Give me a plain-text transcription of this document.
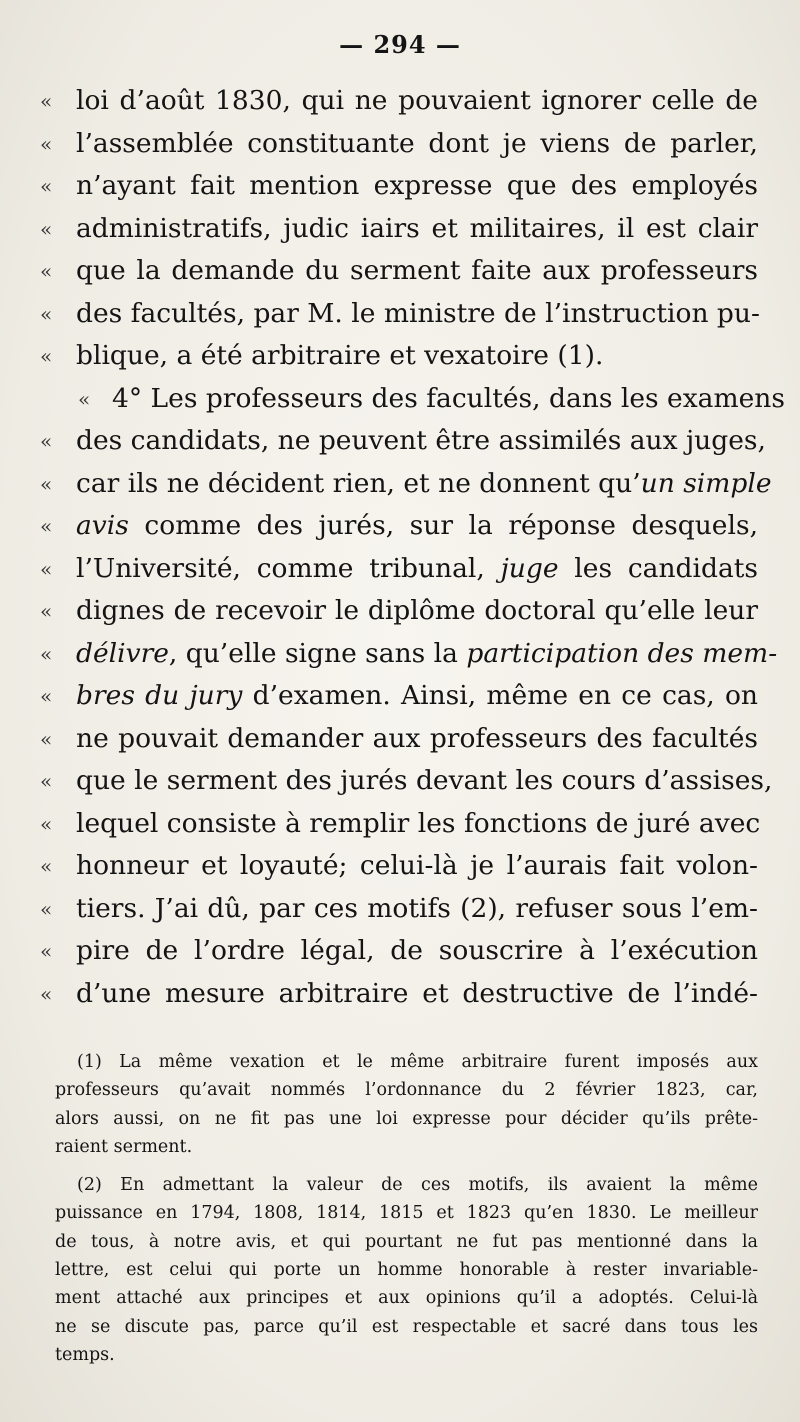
— 294 —
« loi d’août 1830, qui ne pouvaient ignorer celle de
« l’assemblée constituante dont je viens de parler,
« n’ayant fait mention expresse que des employés
« administratifs, judic iairs et militaires, il est clair
« que la demande du serment faite aux professeurs
« des facultés, par M. le ministre de l’instruction pu-
« blique, a été arbitraire et vexatoire (1).
« 4° Les professeurs des facultés, dans les examens
« des candidats, ne peuvent être assimilés aux juges,
« car ils ne décident rien, et ne donnent qu’un simple
« avis comme des jurés, sur la réponse desquels,
« l’Université, comme tribunal, juge les candidats
« dignes de recevoir le diplôme doctoral qu’elle leur
« délivre, qu’elle signe sans la participation des mem-
« bres du jury d’examen. Ainsi, même en ce cas, on
« ne pouvait demander aux professeurs des facultés
« que le serment des jurés devant les cours d’assises,
« lequel consiste à remplir les fonctions de juré avec
« honneur et loyauté; celui-là je l’aurais fait volon-
« tiers. J’ai dû, par ces motifs (2), refuser sous l’em-
« pire de l’ordre légal, de souscrire à l’exécution
« d’une mesure arbitraire et destructive de l’indé-
(1) La même vexation et le même arbitraire furent imposés aux
professeurs qu’avait nommés l’ordonnance du 2 février 1823, car,
alors aussi, on ne fit pas une loi expresse pour décider qu’ils prête-
raient serment.
(2) En admettant la valeur de ces motifs, ils avaient la même
puissance en 1794, 1808, 1814, 1815 et 1823 qu’en 1830. Le meilleur
de tous, à notre avis, et qui pourtant ne fut pas mentionné dans la
lettre, est celui qui porte un homme honorable à rester invariable-
ment attaché aux principes et aux opinions qu’il a adoptés. Celui-là
ne se discute pas, parce qu’il est respectable et sacré dans tous les
temps.
